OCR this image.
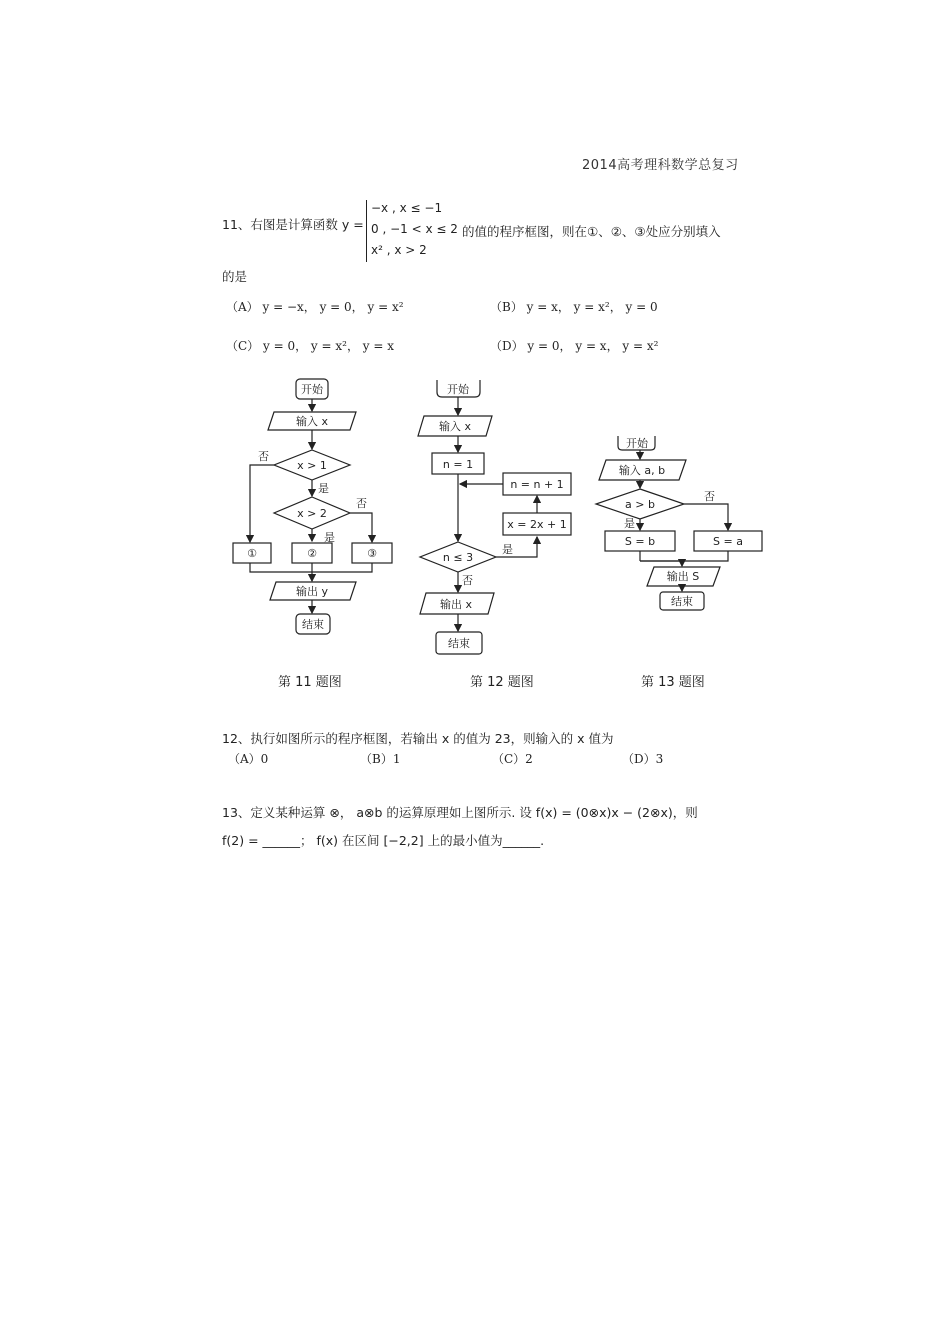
2014高考理科数学总复习
11、右图是计算函数 y =
−x , x ≤ −1
0 , −1 < x ≤ 2
x² , x > 2
的值的程序框图，则在①、②、③处应分别填入
的是
（A） y = −x， y = 0， y = x²	（B） y = x， y = x²， y = 0
（C） y = 0， y = x²， y = x	（D） y = 0， y = x， y = x²
开始
输入 x
x > 1
x > 2
否
是
否
是
①	②	③
输出 y
结束
开始
输入 x
n = 1
n = n + 1
x = 2x + 1
n ≤ 3
是
否
输出 x
结束
开始
输入 a, b
a > b
是
否
S = b	S = a
输出 S
结束
第 11 题图	第 12 题图	第 13 题图
12、执行如图所示的程序框图，若输出 x 的值为 23，则输入的 x 值为
（A）0	（B）1	（C）2	（D）3
13、定义某种运算 ⊗， a⊗b 的运算原理如上图所示. 设 f(x) = (0⊗x)x − (2⊗x)，则
f(2) = ______； f(x) 在区间 [−2,2] 上的最小值为______.
